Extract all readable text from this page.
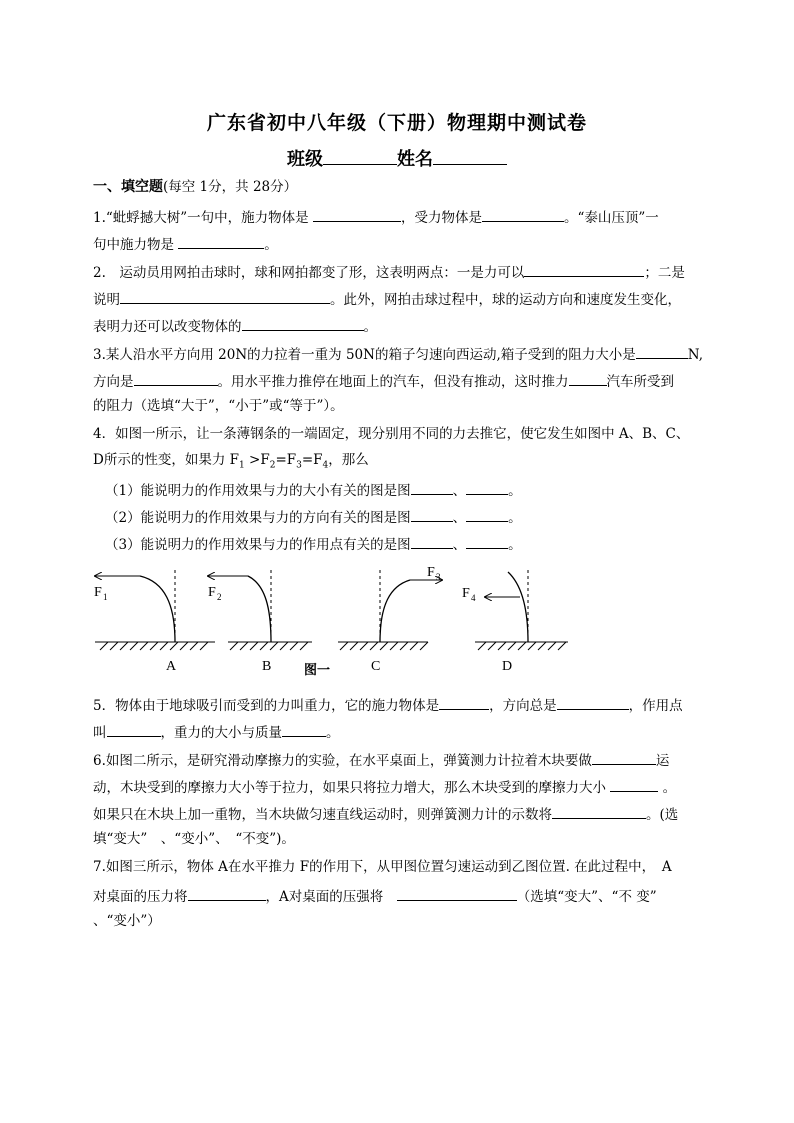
广东省初中八年级（下册）物理期中测试卷
班级	姓名
一、填空题(每空 1分，共 28分）
1.“蚍蜉撼大树”一句中，施力物体是	，受力物体是	。“泰山压顶”一
句中施力物是	。
2.　运动员用网拍击球时，球和网拍都变了形，这表明两点：一是力可以	；二是
说明	。此外，网拍击球过程中，球的运动方向和速度发生变化，
表明力还可以改变物体的	。
3.某人沿水平方向用 20N的力拉着一重为 50N的箱子匀速向西运动,箱子受到的阻力大小是	N,
方向是	。用水平推力推停在地面上的汽车，但没有推动，这时推力	汽车所受到
的阻力（选填“大于”，“小于”或“等于”）。
4．如图一所示，让一条薄钢条的一端固定，现分别用不同的力去推它，使它发生如图中 A、B、C、
D所示的性变，如果力 $F_1 >F_2=F_3=F_4$，那么
（1）能说明力的作用效果与力的大小有关的图是图	、	。
（2）能说明力的作用效果与力的方向有关的图是图	、	。
（3）能说明力的作用效果与力的作用点有关的是图	、	。
F 1
A
F 2
B
F 3
C
F 4
D
图一
5．物体由于地球吸引而受到的力叫重力，它的施力物体是	，方向总是	，作用点
叫	，重力的大小与质量	。
6.如图二所示，是研究滑动摩擦力的实验，在水平桌面上，弹簧测力计拉着木块要做	运
动，木块受到的摩擦力大小等于拉力，如果只将拉力增大，那么木块受到的摩擦力大小	。
如果只在木块上加一重物，当木块做匀速直线运动时，则弹簧测力计的示数将	。(选
填“变大”　、“变小”、　“不变”)。
7.如图三所示，物体 A在水平推力 F的作用下，从甲图位置匀速运动到乙图位置. 在此过程中，　A
对桌面的压力将	，A对桌面的压强将　	（选填“变大”、“不 变”
、“变小”）
